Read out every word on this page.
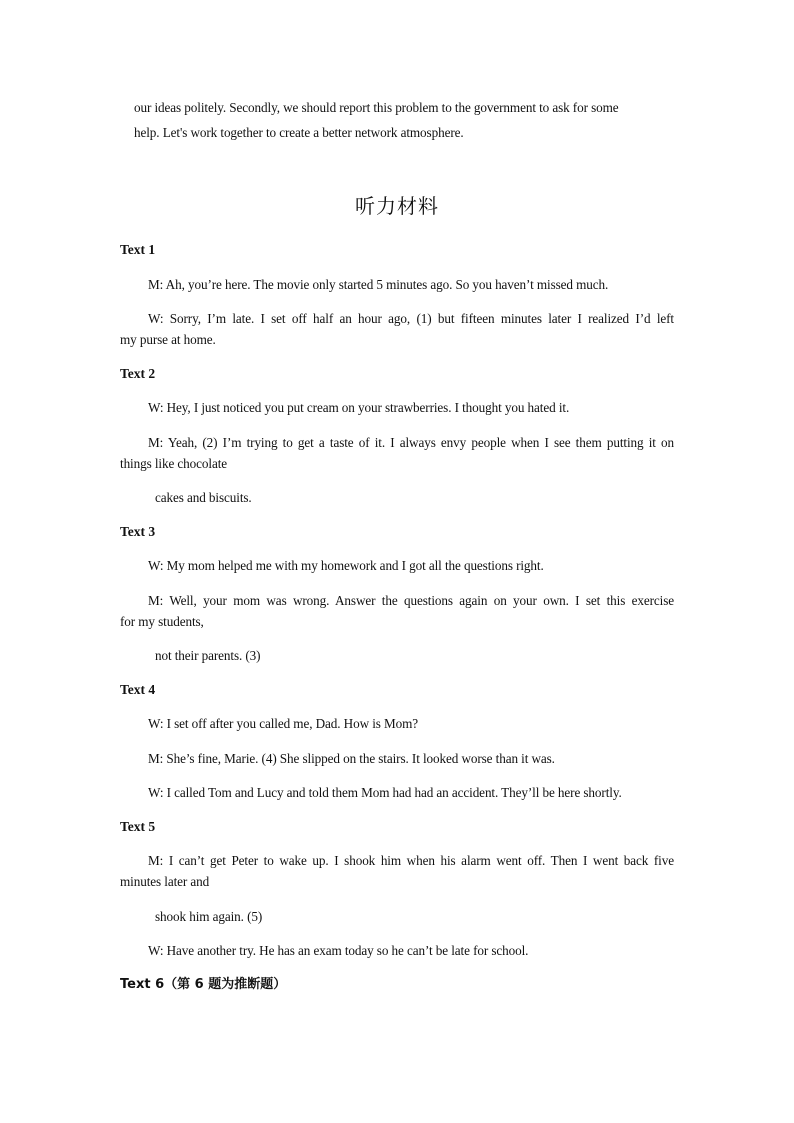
our ideas politely. Secondly, we should report this problem to the government to ask for some
help. Let's work together to create a better network atmosphere.
听力材料
Text 1
M: Ah, you’re here. The movie only started 5 minutes ago. So you haven’t missed much.
W: Sorry, I’m late. I set off half an hour ago, (1) but fifteen minutes later I realized I’d left
my purse at home.
Text 2
W: Hey, I just noticed you put cream on your strawberries. I thought you hated it.
M: Yeah, (2) I’m trying to get a taste of it. I always envy people when I see them putting it on
things like chocolate
cakes and biscuits.
Text 3
W: My mom helped me with my homework and I got all the questions right.
M: Well, your mom was wrong. Answer the questions again on your own. I set this exercise
for my students,
not their parents. (3)
Text 4
W: I set off after you called me, Dad. How is Mom?
M: She’s fine, Marie. (4) She slipped on the stairs. It looked worse than it was.
W: I called Tom and Lucy and told them Mom had had an accident. They’ll be here shortly.
Text 5
M: I can’t get Peter to wake up. I shook him when his alarm went off. Then I went back five
minutes later and
shook him again. (5)
W: Have another try. He has an exam today so he can’t be late for school.
Text 6（第 6 题为推断题）
